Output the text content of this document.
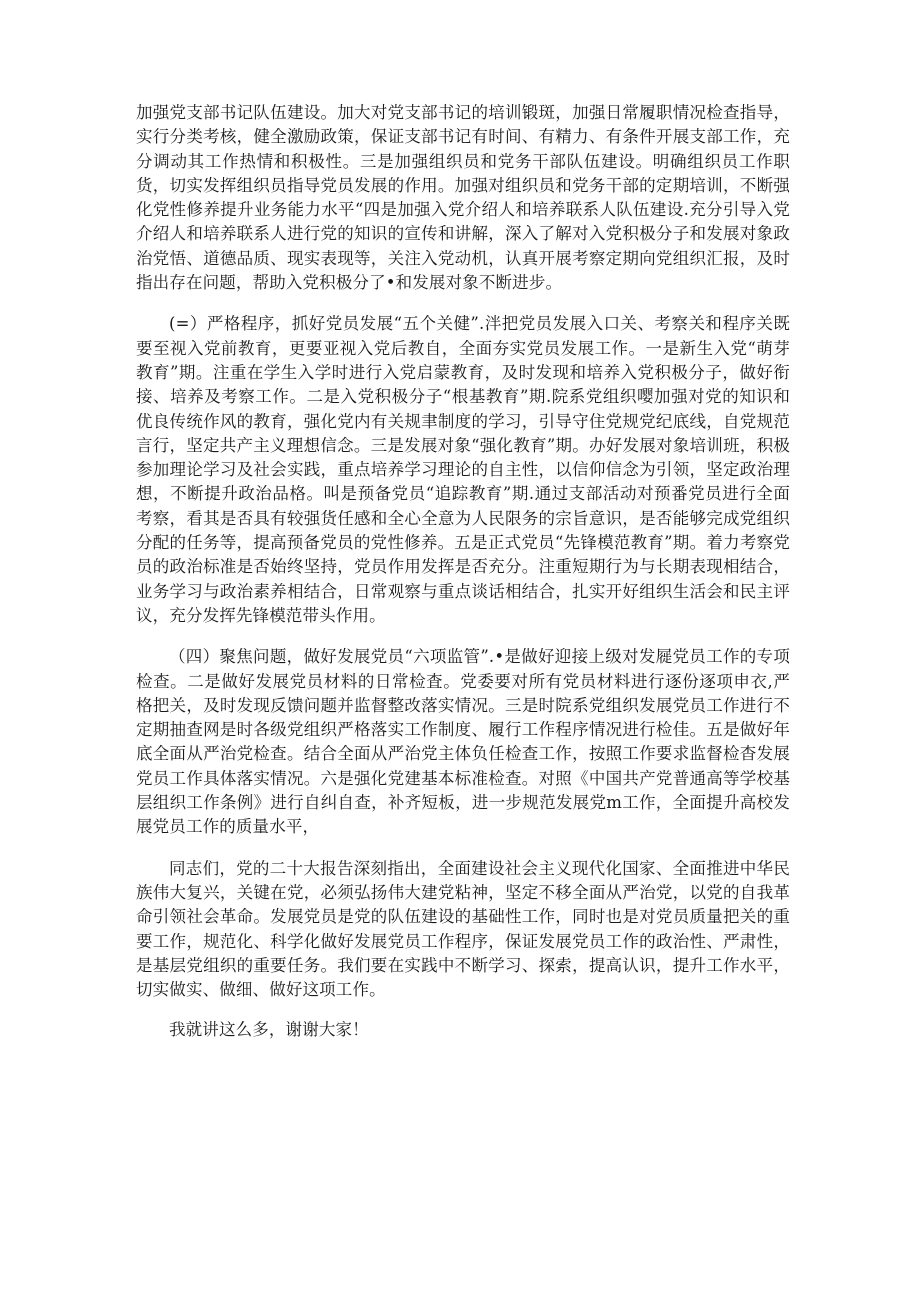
加强党支部书记队伍建设。加大对党支部书记的培训锻斑，加强日常履职情况检查指导，实行分类考核，健全激励政策，保证支部书记有时间、有精力、有条件开展支部工作，充分调动其工作热情和积极性。三是加强组织员和党务干部队伍建设。明确组织员工作职货，切实发挥组织员指导党员发展的作用。加强对组织员和党务干部的定期培训，不断强化党性修养提升业务能力水平“四是加强入党介绍人和培养联系人队伍建设.充分引导入党介绍人和培养联系人进行党的知识的宣传和讲解，深入了解对入党积极分子和发展对象政治党悟、道德品质、现实表现等，关注入党动机，认真开展考察定期向党组织汇报，及时指出存在问题，帮助入党积极分了•和发展对象不断进步。

(=）严格程序，抓好党员发展“五个关健”.泮把党员发展入口关、考察关和程序关既要至视入党前教育，更要亚视入党后教自，全面夯实党员发展工作。一是新生入党“萌芽教育”期。注重在学生入学时进行入党启蒙教育，及时发现和培养入党积极分子，做好衔接、培养及考察工作。二是入党积极分子“根基教育”期.院系党组织嘤加强对党的知识和优良传统作风的教育，强化党内有关规聿制度的学习，引导守住党规党纪底线，自党规范言行，坚定共产主义理想信念。三是发展对象“强化教育”期。办好发展对象培训班，积极参加理论学习及社会实践，重点培养学习理论的自主性，以信仰信念为引领，坚定政治理想，不断提升政治品格。叫是预备党员“追踪教育”期.通过支部活动对预番党员进行全面考察，看其是否具有较强货任感和全心全意为人民限务的宗旨意识，是否能够完成党组织分配的任务等，提高预备党员的党性修养。五是正式党员“先锋模范教育”期。着力考察党员的政治标准是否始终坚持，党员作用发挥是否充分。注重短期行为与长期表现相结合，业务学习与政治素养相结合，日常观察与重点谈话相结合，扎实开好组织生活会和民主评议，充分发挥先锋模范带头作用。

（四）聚焦问题，做好发展党员“六项监管”.•是做好迎接上级对发屣党员工作的专项检查。二是做好发展党员材料的日常检査。党委要对所有党员材料进行逐份逐项申衣,严格把关，及时发现反馈问题并监督整改落实情况。三是时院系党组织发展党员工作进行不定期抽查网是时各级党组织严格落实工作制度、履行工作程序情况进行检佳。五是做好年底全面从严治党检查。结合全面从严治党主体负任检查工作，按照工作要求监督检杳发展党员工作具体落实情况。六是强化党建基本标准检查。对照《中国共产党普通高等学校基层组织工作条例》进行自纠自查，补齐短板，进一步规范发展党m工作，全面提升高校发展党员工作的质量水平，

同志们，党的二十大报告深刻指出，全面建设社会主义现代化国家、全面推进中华民族伟大复兴，关键在党，必须弘扬伟大建党粘神，坚定不移全面从严治党，以党的自我革命引领社会革命。发展党员是党的队伍建设的基础性工作，同时也是对党员质量把关的重要工作，规范化、科学化做好发展党员工作程序，保证发展党员工作的政治性、严肃性，是基层党组织的重要任务。我们要在实践中不断学习、探索，提高认识，提升工作水平，切实做实、做细、做好这项工作。

我就讲这么多，谢谢大家！
